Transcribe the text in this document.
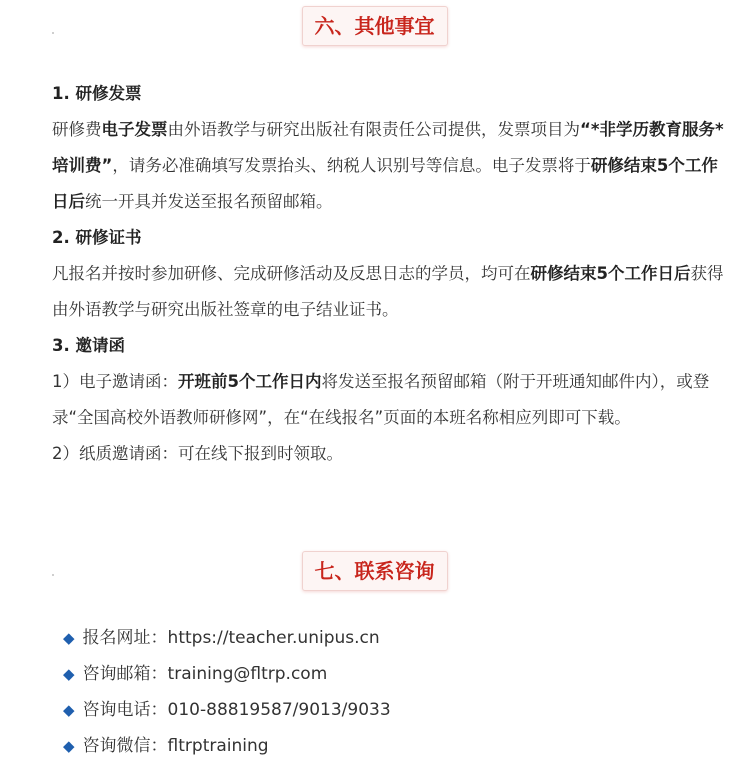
六、其他事宜

1. 研修发票

研修费电子发票由外语教学与研究出版社有限责任公司提供，发票项目为“*非学历教育服务*培训费”，请务必准确填写发票抬头、纳税人识别号等信息。电子发票将于研修结束5个工作日后统一开具并发送至报名预留邮箱。

2. 研修证书

凡报名并按时参加研修、完成研修活动及反思日志的学员，均可在研修结束5个工作日后获得由外语教学与研究出版社签章的电子结业证书。

3. 邀请函

1）电子邀请函：开班前5个工作日内将发送至报名预留邮箱（附于开班通知邮件内），或登录“全国高校外语教师研修网”，在“在线报名”页面的本班名称相应列即可下载。

2）纸质邀请函：可在线下报到时领取。

七、联系咨询
◆ 报名网址：https://teacher.unipus.cn
◆ 咨询邮箱：training@fltrp.com
◆ 咨询电话：010-88819587/9013/9033
◆ 咨询微信：fltrptraining
